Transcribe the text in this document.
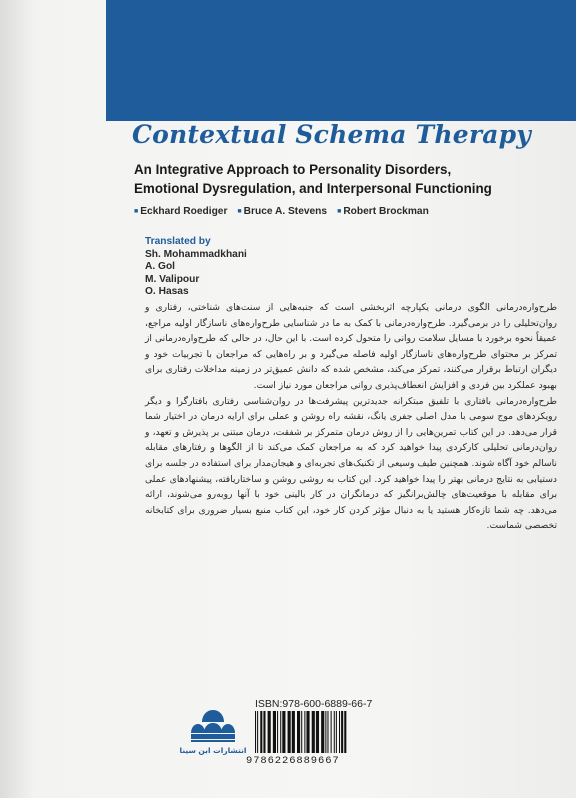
Contextual Schema Therapy
An Integrative Approach to Personality Disorders,
Emotional Dysregulation, and Interpersonal Functioning
■ Eckhard Roediger	■ Bruce A. Stevens	■ Robert Brockman
Translated by
Sh. Mohammadkhani
A. Gol
M. Valipour
O. Hasas

طرح‌واره‌درمانی الگوی درمانی یکپارچه اثربخشی است که جنبه‌هایی از سنت‌های شناختی، رفتاری و روان‌تحلیلی را در برمی‌گیرد. طرح‌واره‌درمانی با کمک به ما در شناسایی طرح‌واره‌های ناسازگار اولیه مراجع، عمیقاً نحوه برخورد با مسایل سلامت روانی را متحول کرده است. با این حال، در حالی که طرح‌واره‌درمانی از تمرکز بر محتوای طرح‌واره‌های ناسازگار اولیه فاصله می‌گیرد و بر راه‌هایی که مراجعان با تجربیات خود و دیگران ارتباط برقرار می‌کنند، تمرکز می‌کند، مشخص شده که دانش عمیق‌تر در زمینه مداخلات رفتاری برای بهبود عملکرد بین فردی و افزایش انعطاف‌پذیری روانی مراجعان مورد نیاز است.

طرح‌واره‌درمانی بافتاری با تلفیق مبتکرانه جدیدترین پیشرفت‌ها در روان‌شناسی رفتاری بافتارگرا و دیگر رویکردهای موج سومی با مدل اصلی جفری یانگ، نقشه راه روشن و عملی برای ارایه درمان در اختیار شما قرار می‌دهد. در این کتاب تمرین‌هایی را از روش درمان متمرکز بر شفقت، درمان مبتنی بر پذیرش و تعهد، و روان‌درمانی تحلیلی کارکردی پیدا خواهید کرد که به مراجعان کمک می‌کند تا از الگوها و رفتارهای مقابله ناسالم خود آگاه شوند. همچنین طیف وسیعی از تکنیک‌های تجربه‌ای و هیجان‌مدار برای استفاده در جلسه برای دستیابی به نتایج درمانی بهتر را پیدا خواهید کرد. این کتاب به روشی روشن و ساختاریافته، پیشنهادهای عملی برای مقابله با موقعیت‌های چالش‌برانگیز که درمانگران در کار بالینی خود با آنها روبه‌رو می‌شوند، ارائه می‌دهد. چه شما تازه‌کار هستید یا به دنبال مؤثر کردن کار خود، این کتاب منبع بسیار ضروری برای کتابخانه تخصصی شماست.

انتشارات ابن سینا
ISBN:978-600-6889-66-7
9786226889667
